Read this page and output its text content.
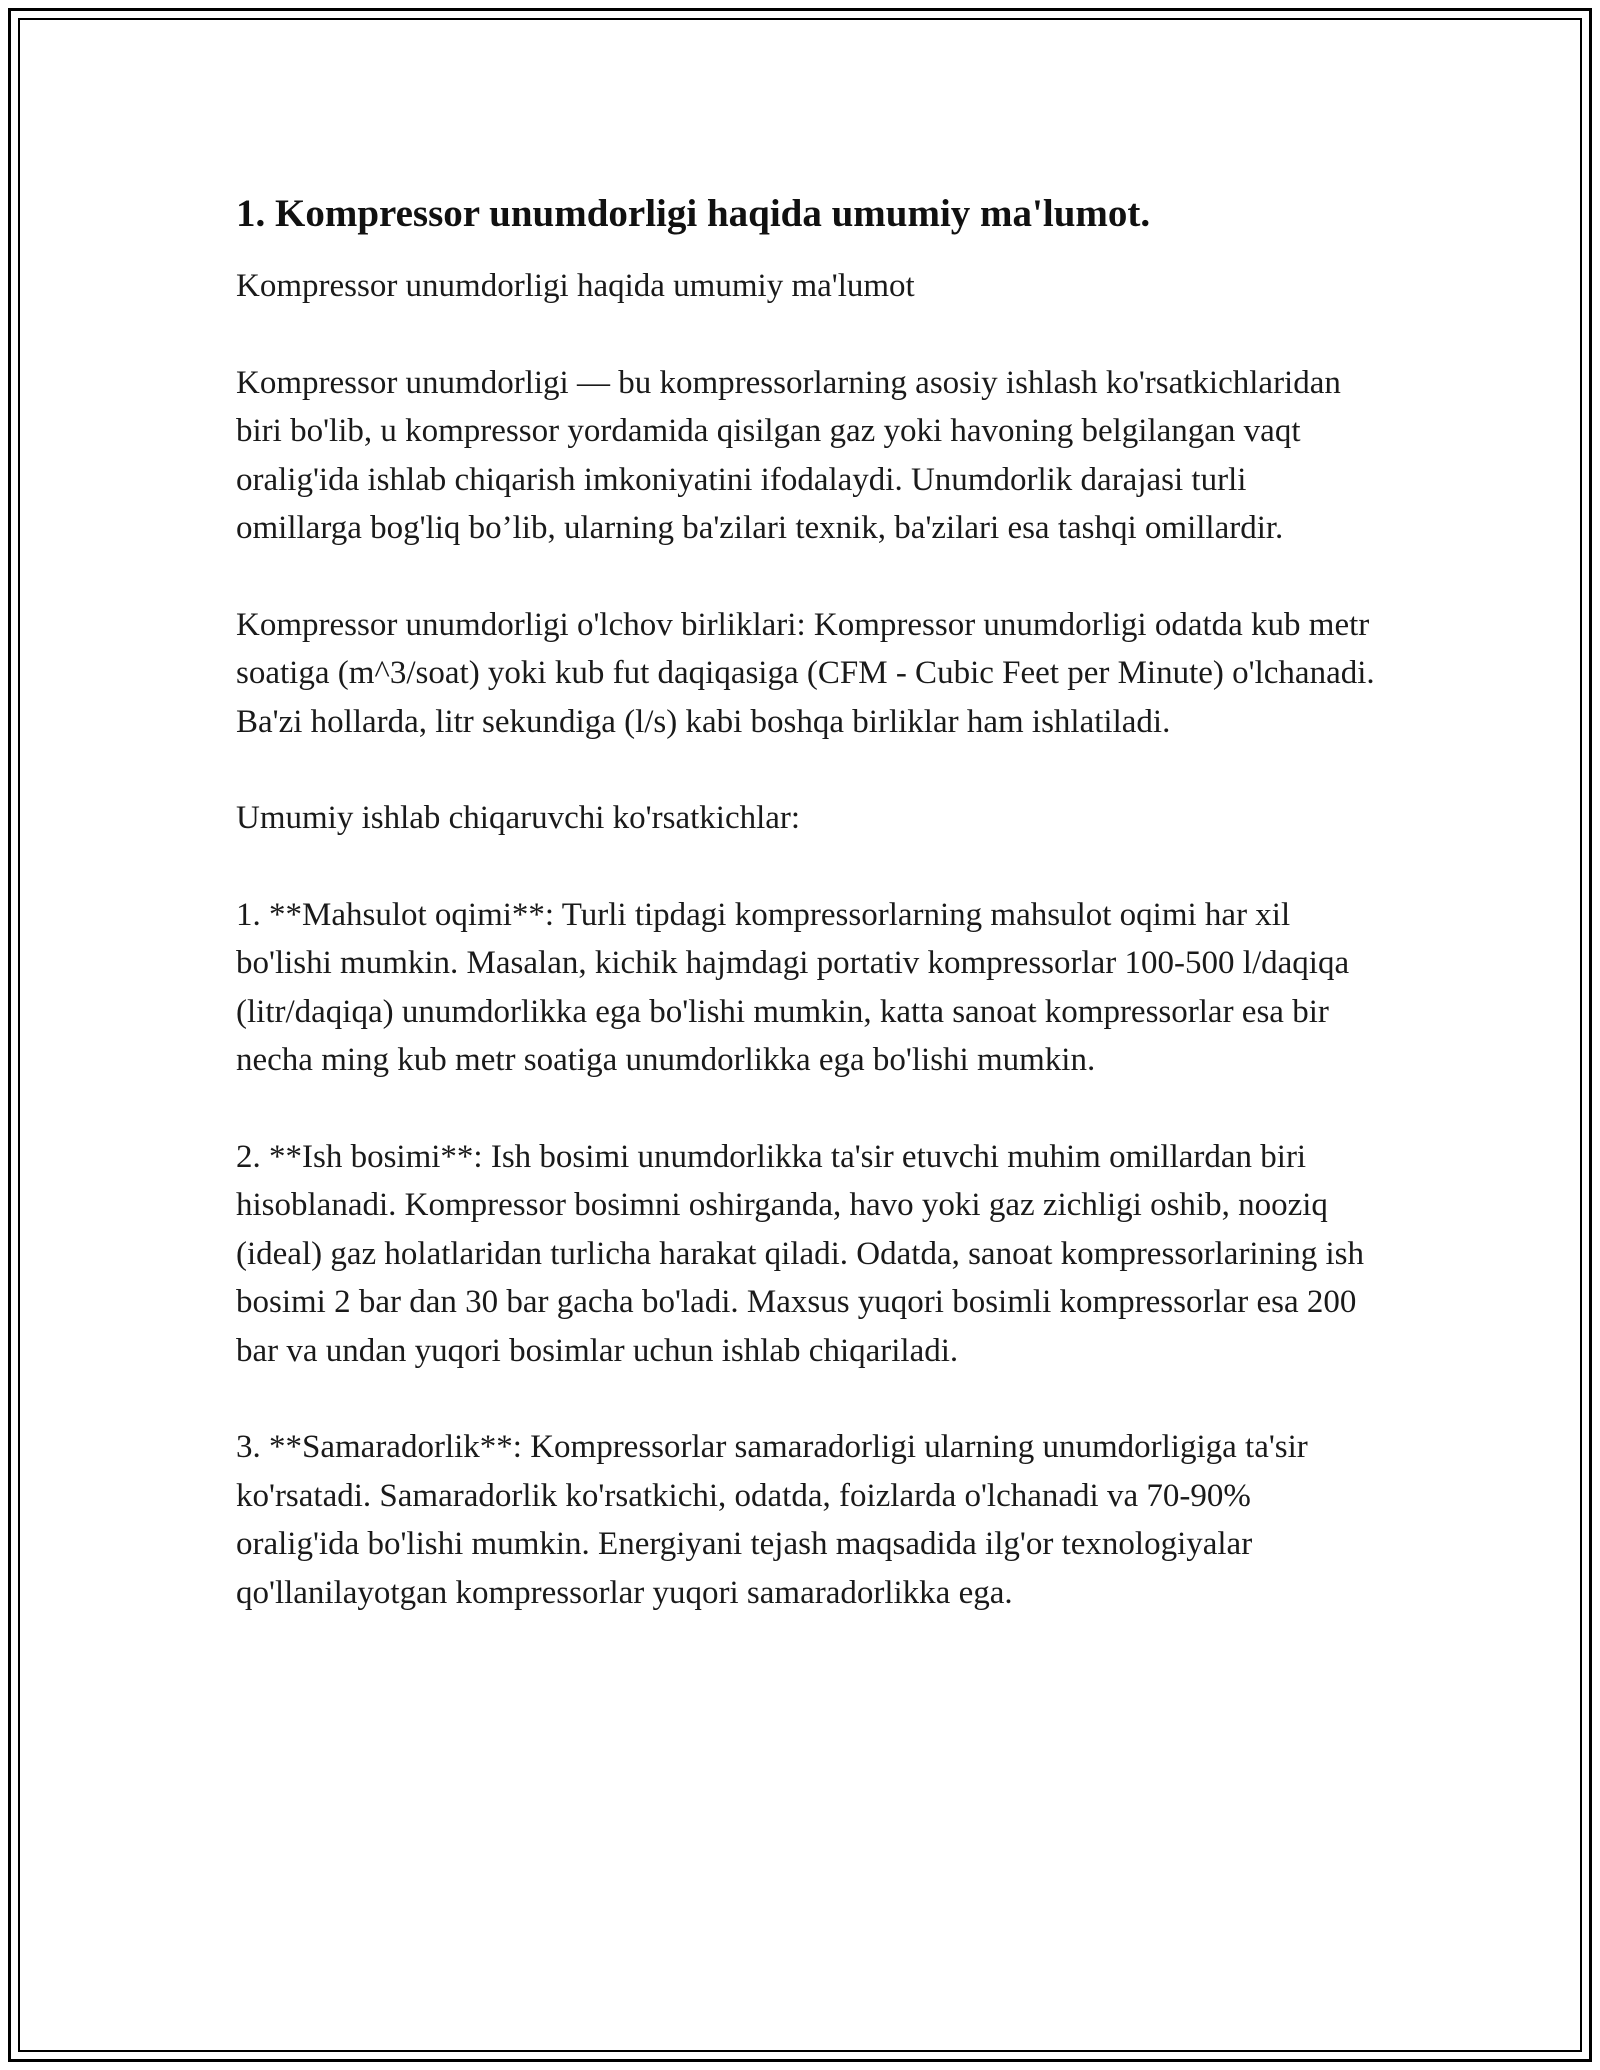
1. Kompressor unumdorligi haqida umumiy ma'lumot.

Kompressor unumdorligi haqida umumiy ma'lumot

Kompressor unumdorligi — bu kompressorlarning asosiy ishlash ko'rsatkichlaridan biri bo'lib, u kompressor yordamida qisilgan gaz yoki havoning belgilangan vaqt oralig'ida ishlab chiqarish imkoniyatini ifodalaydi. Unumdorlik darajasi turli omillarga bog'liq bo’lib, ularning ba'zilari texnik, ba'zilari esa tashqi omillardir.

Kompressor unumdorligi o'lchov birliklari: Kompressor unumdorligi odatda kub metr soatiga (m^3/soat) yoki kub fut daqiqasiga (CFM - Cubic Feet per Minute) o'lchanadi. Ba'zi hollarda, litr sekundiga (l/s) kabi boshqa birliklar ham ishlatiladi.

Umumiy ishlab chiqaruvchi ko'rsatkichlar:

1. **Mahsulot oqimi**: Turli tipdagi kompressorlarning mahsulot oqimi har xil bo'lishi mumkin. Masalan, kichik hajmdagi portativ kompressorlar 100-500 l/daqiqa (litr/daqiqa) unumdorlikka ega bo'lishi mumkin, katta sanoat kompressorlar esa bir necha ming kub metr soatiga unumdorlikka ega bo'lishi mumkin.

2. **Ish bosimi**: Ish bosimi unumdorlikka ta'sir etuvchi muhim omillardan biri hisoblanadi. Kompressor bosimni oshirganda, havo yoki gaz zichligi oshib, nooziq (ideal) gaz holatlaridan turlicha harakat qiladi. Odatda, sanoat kompressorlarining ish bosimi 2 bar dan 30 bar gacha bo'ladi. Maxsus yuqori bosimli kompressorlar esa 200 bar va undan yuqori bosimlar uchun ishlab chiqariladi.

3. **Samaradorlik**: Kompressorlar samaradorligi ularning unumdorligiga ta'sir ko'rsatadi. Samaradorlik ko'rsatkichi, odatda, foizlarda o'lchanadi va 70-90% oralig'ida bo'lishi mumkin. Energiyani tejash maqsadida ilg'or texnologiyalar qo'llanilayotgan kompressorlar yuqori samaradorlikka ega.
